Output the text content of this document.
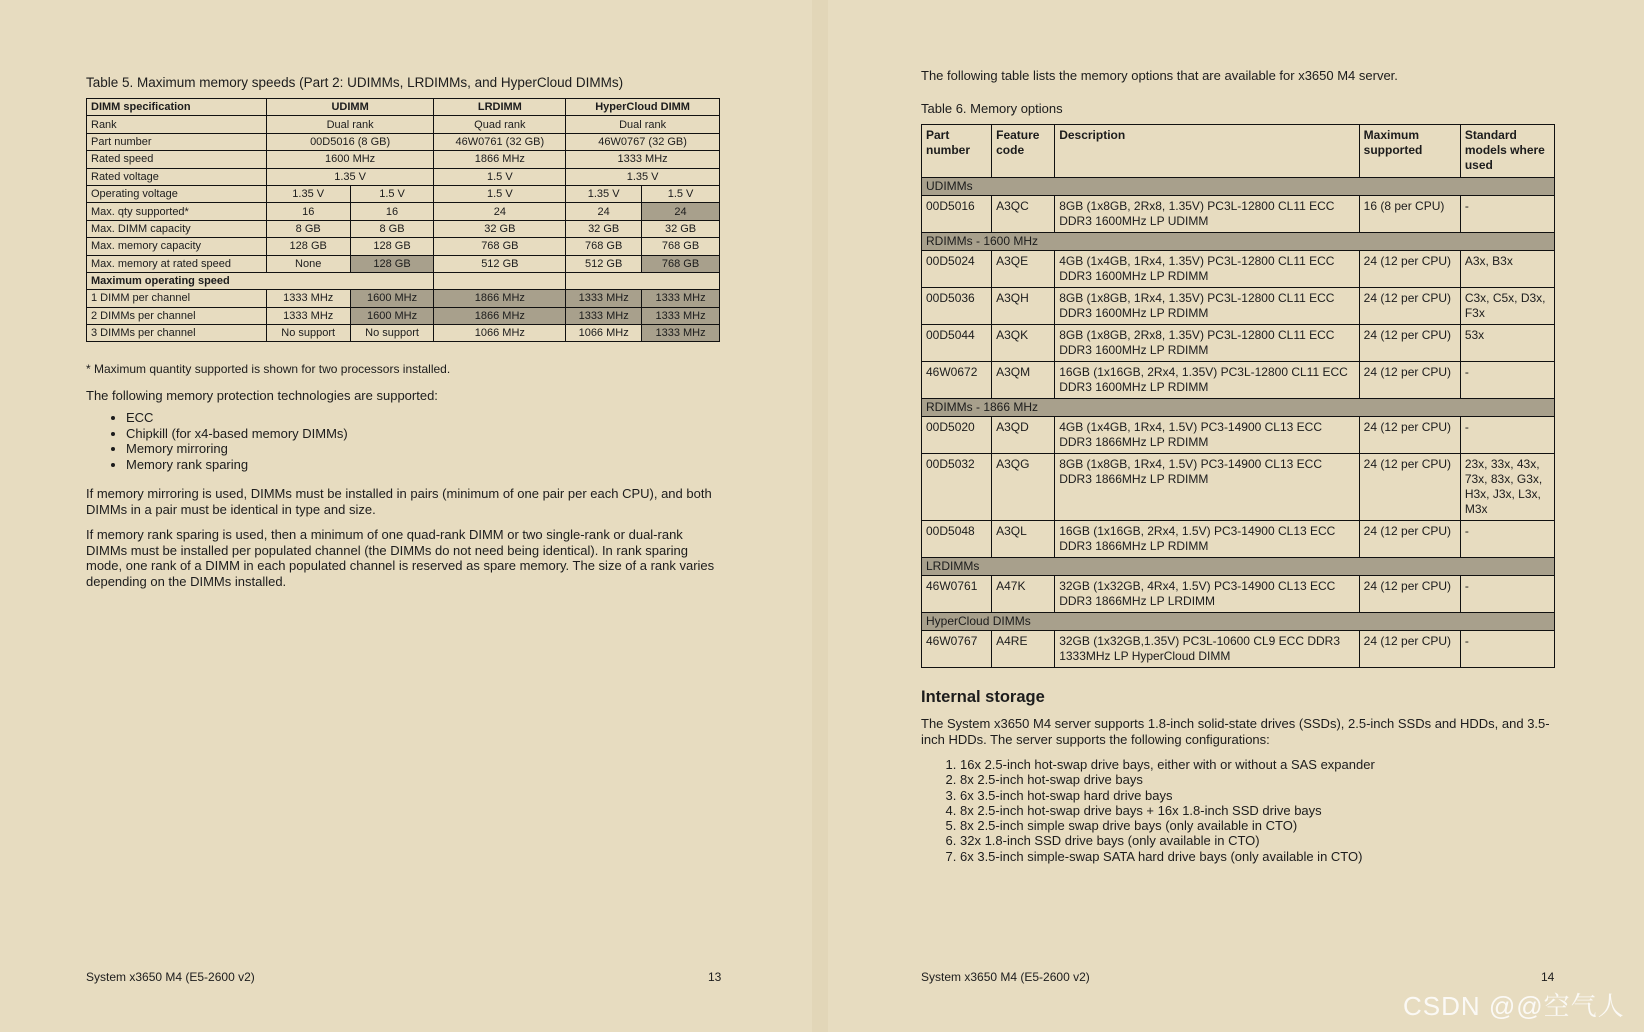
Table 5. Maximum memory speeds (Part 2: UDIMMs, LRDIMMs, and HyperCloud DIMMs)
DIMM specification	UDIMM		LRDIMM	HyperCloud DIMM	
Rank	Dual rank		Quad rank	Dual rank	
Part number	00D5016 (8 GB)		46W0761 (32 GB)	46W0767 (32 GB)	
Rated speed	1600 MHz		1866 MHz	1333 MHz	
Rated voltage	1.35 V		1.5 V	1.35 V	
Operating voltage	1.35 V	1.5 V	1.5 V	1.35 V	1.5 V
Max. qty supported*	16	16	24	24	24
Max. DIMM capacity	8 GB	8 GB	32 GB	32 GB	32 GB
Max. memory capacity	128 GB	128 GB	768 GB	768 GB	768 GB
Max. memory at rated speed	None	128 GB	512 GB	512 GB	768 GB
Maximum operating speed					
1 DIMM per channel	1333 MHz	1600 MHz	1866 MHz	1333 MHz	1333 MHz
2 DIMMs per channel	1333 MHz	1600 MHz	1866 MHz	1333 MHz	1333 MHz
3 DIMMs per channel	No support	No support	1066 MHz	1066 MHz	1333 MHz
* Maximum quantity supported is shown for two processors installed.
The following memory protection technologies are supported:
• ECC
• Chipkill (for x4-based memory DIMMs)
• Memory mirroring
• Memory rank sparing
If memory mirroring is used, DIMMs must be installed in pairs (minimum of one pair per each CPU), and both DIMMs in a pair must be identical in type and size.
If memory rank sparing is used, then a minimum of one quad-rank DIMM or two single-rank or dual-rank DIMMs must be installed per populated channel (the DIMMs do not need being identical). In rank sparing mode, one rank of a DIMM in each populated channel is reserved as spare memory. The size of a rank varies depending on the DIMMs installed.
System x3650 M4 (E5-2600 v2)	13
The following table lists the memory options that are available for x3650 M4 server.
Table 6. Memory options
Part number	Feature code	Description	Maximum supported	Standard models where used
UDIMMs				
00D5016	A3QC	8GB (1x8GB, 2Rx8, 1.35V) PC3L-12800 CL11 ECC DDR3 1600MHz LP UDIMM	16 (8 per CPU)	-
RDIMMs - 1600 MHz				
00D5024	A3QE	4GB (1x4GB, 1Rx4, 1.35V) PC3L-12800 CL11 ECC DDR3 1600MHz LP RDIMM	24 (12 per CPU)	A3x, B3x
00D5036	A3QH	8GB (1x8GB, 1Rx4, 1.35V) PC3L-12800 CL11 ECC DDR3 1600MHz LP RDIMM	24 (12 per CPU)	C3x, C5x, D3x, F3x
00D5044	A3QK	8GB (1x8GB, 2Rx8, 1.35V) PC3L-12800 CL11 ECC DDR3 1600MHz LP RDIMM	24 (12 per CPU)	53x
46W0672	A3QM	16GB (1x16GB, 2Rx4, 1.35V) PC3L-12800 CL11 ECC DDR3 1600MHz LP RDIMM	24 (12 per CPU)	-
RDIMMs - 1866 MHz				
00D5020	A3QD	4GB (1x4GB, 1Rx4, 1.5V) PC3-14900 CL13 ECC DDR3 1866MHz LP RDIMM	24 (12 per CPU)	-
00D5032	A3QG	8GB (1x8GB, 1Rx4, 1.5V) PC3-14900 CL13 ECC DDR3 1866MHz LP RDIMM	24 (12 per CPU)	23x, 33x, 43x, 73x, 83x, G3x, H3x, J3x, L3x, M3x
00D5048	A3QL	16GB (1x16GB, 2Rx4, 1.5V) PC3-14900 CL13 ECC DDR3 1866MHz LP RDIMM	24 (12 per CPU)	-
LRDIMMs				
46W0761	A47K	32GB (1x32GB, 4Rx4, 1.5V) PC3-14900 CL13 ECC DDR3 1866MHz LP LRDIMM	24 (12 per CPU)	-
HyperCloud DIMMs				
46W0767	A4RE	32GB (1x32GB,1.35V) PC3L-10600 CL9 ECC DDR3 1333MHz LP HyperCloud DIMM	24 (12 per CPU)	-
Internal storage
The System x3650 M4 server supports 1.8-inch solid-state drives (SSDs), 2.5-inch SSDs and HDDs, and 3.5-inch HDDs. The server supports the following configurations:
1. 16x 2.5-inch hot-swap drive bays, either with or without a SAS expander
2. 8x 2.5-inch hot-swap drive bays
3. 6x 3.5-inch hot-swap hard drive bays
4. 8x 2.5-inch hot-swap drive bays + 16x 1.8-inch SSD drive bays
5. 8x 2.5-inch simple swap drive bays (only available in CTO)
6. 32x 1.8-inch SSD drive bays (only available in CTO)
7. 6x 3.5-inch simple-swap SATA hard drive bays (only available in CTO)
System x3650 M4 (E5-2600 v2)	14
CSDN @@空气人
